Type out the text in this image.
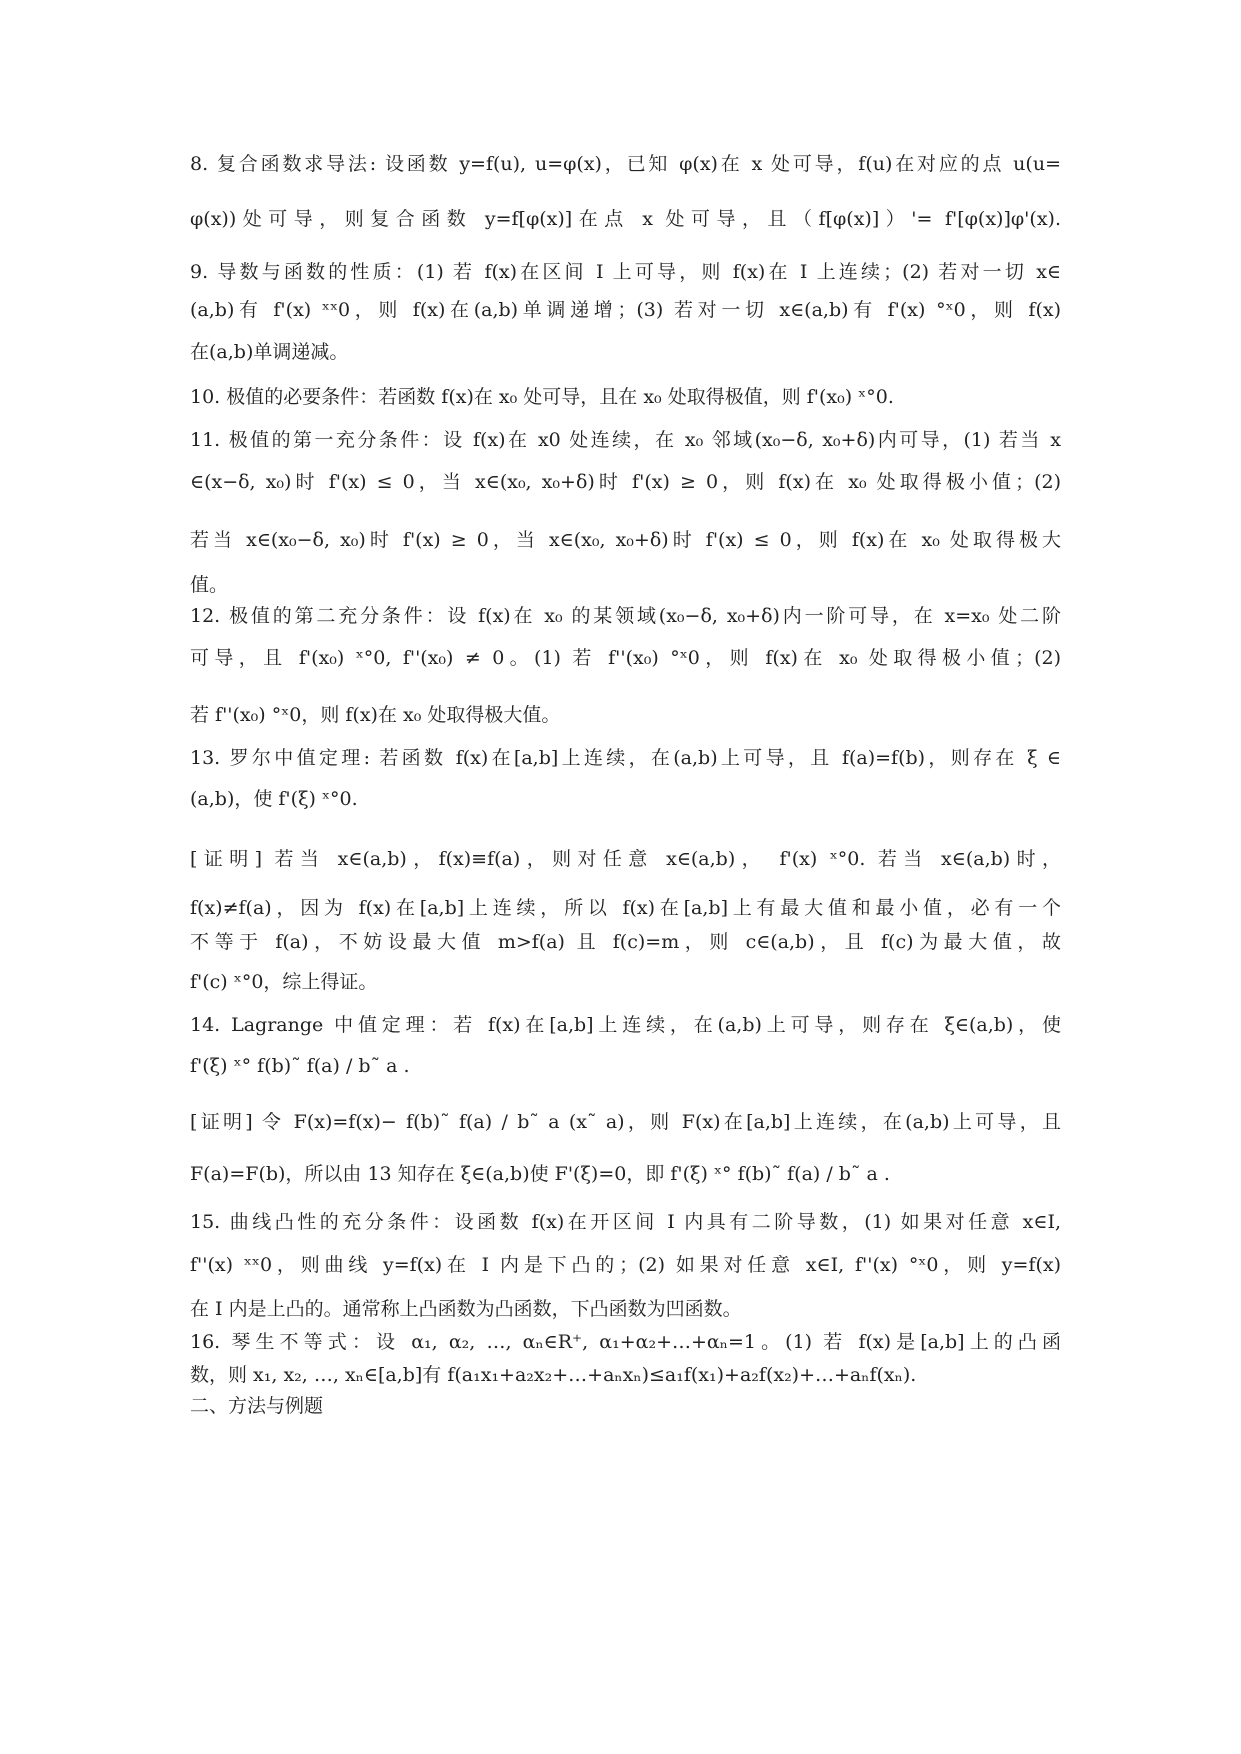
8. 复合函数求导法: 设函数 y=f(u), u=φ(x)，已知 φ(x)在 x 处可导，f(u)在对应的点 u(u=
φ(x))处可导，则复合函数 y=f[φ(x)]在点 x 处可导，且（f[φ(x)]）'= f'[φ(x)]φ'(x).
9. 导数与函数的性质：(1) 若 f(x)在区间 I 上可导，则 f(x)在 I 上连续；(2) 若对一切 x∈
(a,b)有 f'(x) ˣˣ0，则 f(x)在(a,b)单调递增；(3) 若对一切 x∈(a,b)有 f'(x) °ˣ0，则 f(x)
在(a,b)单调递减。
10. 极值的必要条件：若函数 f(x)在 x₀ 处可导，且在 x₀ 处取得极值，则 f'(x₀) ˣ°0.
11. 极值的第一充分条件：设 f(x)在 x0 处连续，在 x₀ 邻域(x₀−δ, x₀+δ)内可导，(1) 若当 x
∈(x−δ, x₀)时 f'(x) ≤ 0，当 x∈(x₀, x₀+δ)时 f'(x) ≥ 0，则 f(x)在 x₀ 处取得极小值；(2)
若当 x∈(x₀−δ, x₀)时 f'(x) ≥ 0，当 x∈(x₀, x₀+δ)时 f'(x) ≤ 0，则 f(x)在 x₀ 处取得极大
值。
12. 极值的第二充分条件：设 f(x)在 x₀ 的某领域(x₀−δ, x₀+δ)内一阶可导，在 x=x₀ 处二阶
可导，且 f'(x₀) ˣ°0, f''(x₀) ≠ 0。(1) 若 f''(x₀) °ˣ0，则 f(x)在 x₀ 处取得极小值；(2)
若 f''(x₀) °ˣ0，则 f(x)在 x₀ 处取得极大值。
13. 罗尔中值定理: 若函数 f(x)在[a,b]上连续，在(a,b)上可导，且 f(a)=f(b)，则存在 ξ ∈
(a,b)，使 f'(ξ) ˣ°0.
[证明] 若当 x∈(a,b)，f(x)≡f(a)，则对任意 x∈(a,b)， f'(x) ˣ°0. 若当 x∈(a,b)时，
f(x)≠f(a)，因为 f(x)在[a,b]上连续，所以 f(x)在[a,b]上有最大值和最小值，必有一个
不等于 f(a)，不妨设最大值 m>f(a) 且 f(c)=m，则 c∈(a,b)，且 f(c)为最大值，故
f'(c) ˣ°0，综上得证。
14. Lagrange 中值定理：若 f(x)在[a,b]上连续，在(a,b)上可导，则存在 ξ∈(a,b)，使
f'(ξ) ˣ° f(b)˜ f(a) / b˜ a .
[证明] 令 F(x)=f(x)− f(b)˜ f(a) / b˜ a (x˜ a)，则 F(x)在[a,b]上连续，在(a,b)上可导，且
F(a)=F(b)，所以由 13 知存在 ξ∈(a,b)使 F'(ξ)=0，即 f'(ξ) ˣ° f(b)˜ f(a) / b˜ a .
15. 曲线凸性的充分条件：设函数 f(x)在开区间 I 内具有二阶导数，(1) 如果对任意 x∈I,
f''(x) ˣˣ0，则曲线 y=f(x)在 I 内是下凸的；(2) 如果对任意 x∈I, f''(x) °ˣ0，则 y=f(x)
在 I 内是上凸的。通常称上凸函数为凸函数，下凸函数为凹函数。
16. 琴生不等式：设 α₁, α₂, …, αₙ∈R⁺, α₁+α₂+…+αₙ=1。(1) 若 f(x)是[a,b]上的凸函
数，则 x₁, x₂, …, xₙ∈[a,b]有 f(a₁x₁+a₂x₂+…+aₙxₙ)≤a₁f(x₁)+a₂f(x₂)+…+aₙf(xₙ).
二、方法与例题
